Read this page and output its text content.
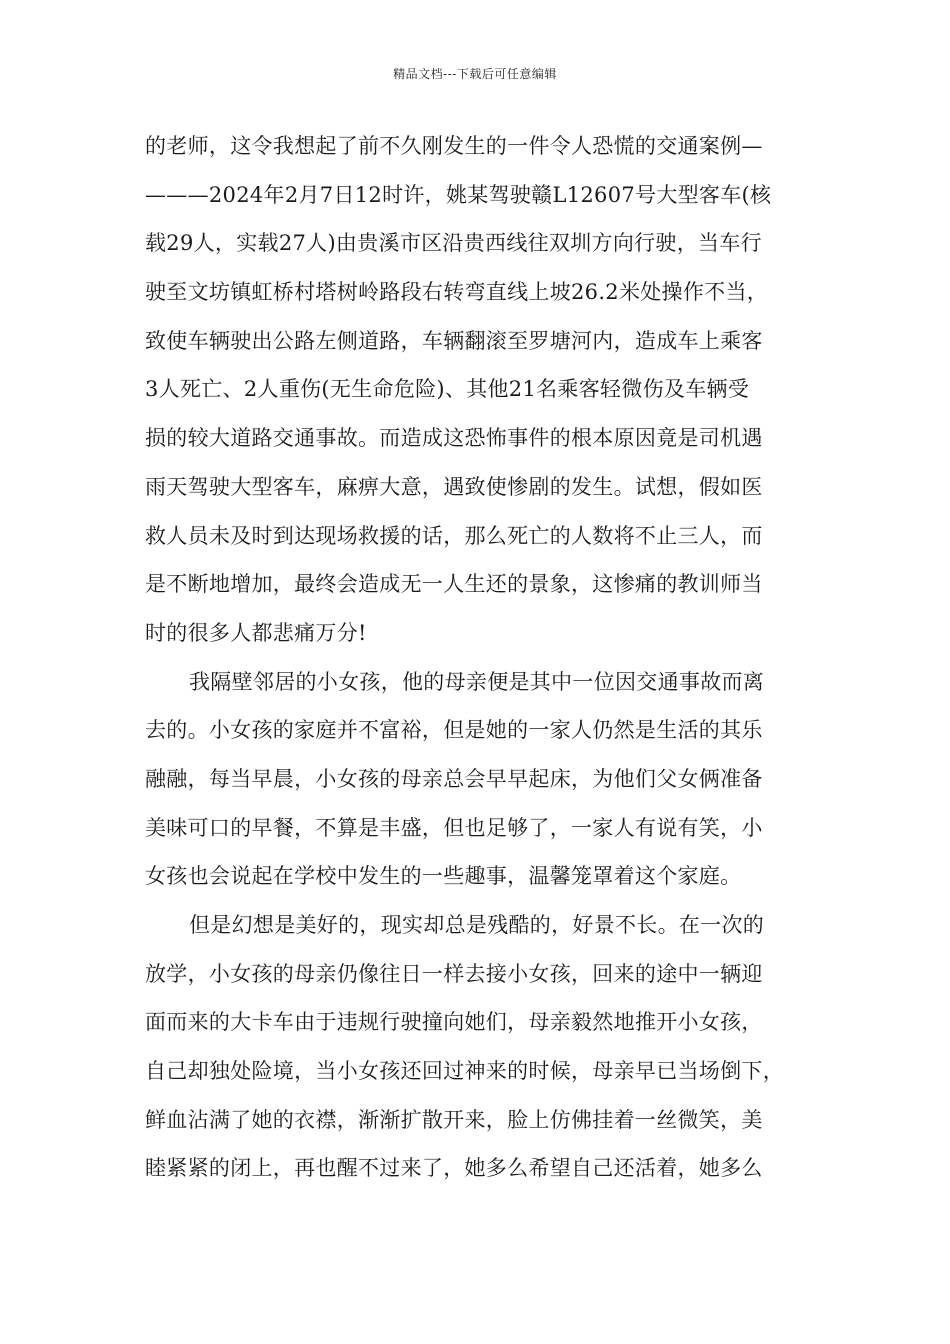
精品文档---下载后可任意编辑
的老师，这令我想起了前不久刚发生的一件令人恐慌的交通案例—
———2024年2月7日12时许，姚某驾驶赣L12607号大型客车(核
载29人，实载27人)由贵溪市区沿贵西线往双圳方向行驶，当车行
驶至文坊镇虹桥村塔树岭路段右转弯直线上坡26.2米处操作不当，
致使车辆驶出公路左侧道路，车辆翻滚至罗塘河内，造成车上乘客
3人死亡、2人重伤(无生命危险)、其他21名乘客轻微伤及车辆受
损的较大道路交通事故。而造成这恐怖事件的根本原因竟是司机遇
雨天驾驶大型客车，麻痹大意，遇致使惨剧的发生。试想，假如医
救人员未及时到达现场救援的话，那么死亡的人数将不止三人，而
是不断地增加，最终会造成无一人生还的景象，这惨痛的教训师当
时的很多人都悲痛万分!
我隔壁邻居的小女孩，他的母亲便是其中一位因交通事故而离
去的。小女孩的家庭并不富裕，但是她的一家人仍然是生活的其乐
融融，每当早晨，小女孩的母亲总会早早起床，为他们父女俩准备
美味可口的早餐，不算是丰盛，但也足够了，一家人有说有笑，小
女孩也会说起在学校中发生的一些趣事，温馨笼罩着这个家庭。
但是幻想是美好的，现实却总是残酷的，好景不长。在一次的
放学，小女孩的母亲仍像往日一样去接小女孩，回来的途中一辆迎
面而来的大卡车由于违规行驶撞向她们，母亲毅然地推开小女孩，
自己却独处险境，当小女孩还回过神来的时候，母亲早已当场倒下，
鲜血沾满了她的衣襟，渐渐扩散开来，脸上仿佛挂着一丝微笑，美
睦紧紧的闭上，再也醒不过来了，她多么希望自己还活着，她多么
